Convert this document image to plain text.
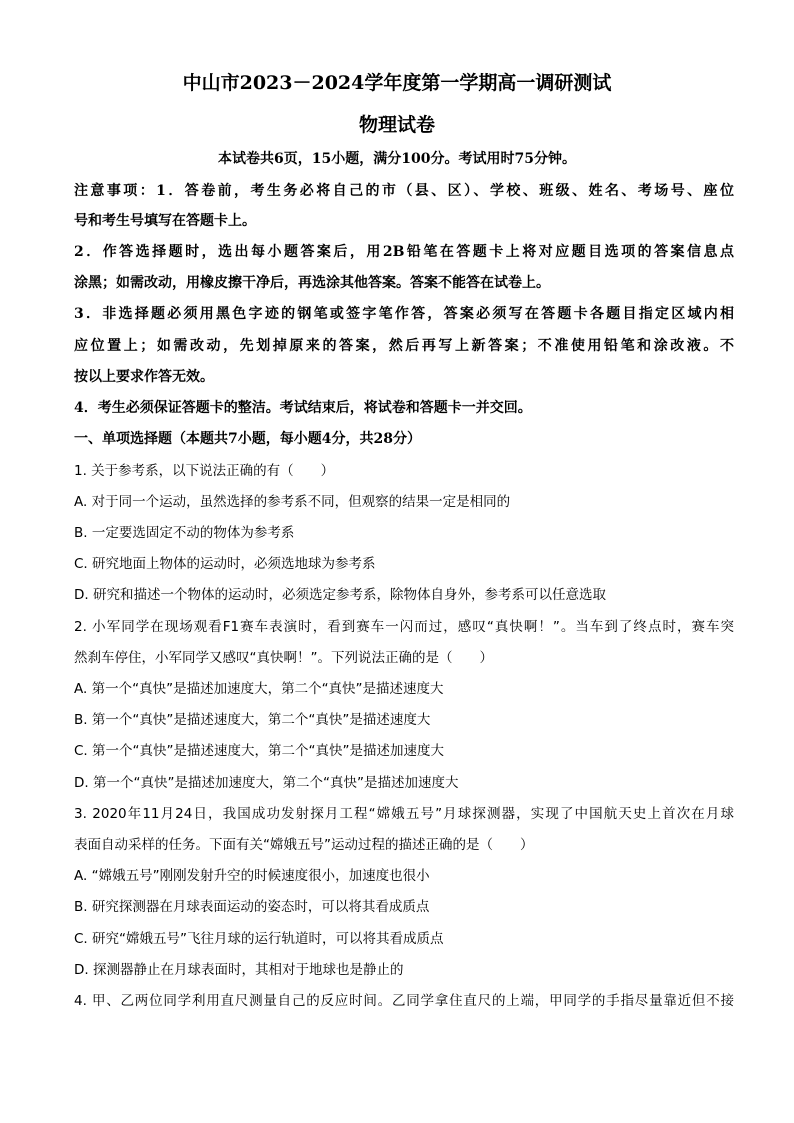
中山市2023－2024学年度第一学期高一调研测试
物理试卷
本试卷共6页，15小题，满分100分。考试用时75分钟。
注意事项：1．答卷前，考生务必将自己的市（县、区）、学校、班级、姓名、考场号、座位
号和考生号填写在答题卡上。
2．作答选择题时，选出每小题答案后，用2B铅笔在答题卡上将对应题目选项的答案信息点
涂黑；如需改动，用橡皮擦干净后，再选涂其他答案。答案不能答在试卷上。
3．非选择题必须用黑色字迹的钢笔或签字笔作答，答案必须写在答题卡各题目指定区域内相
应位置上；如需改动，先划掉原来的答案，然后再写上新答案；不准使用铅笔和涂改液。不
按以上要求作答无效。
4．考生必须保证答题卡的整洁。考试结束后，将试卷和答题卡一并交回。
一、单项选择题（本题共7小题，每小题4分，共28分）
1. 关于参考系，以下说法正确的有（　　）
A. 对于同一个运动，虽然选择的参考系不同，但观察的结果一定是相同的
B. 一定要选固定不动的物体为参考系
C. 研究地面上物体的运动时，必须选地球为参考系
D. 研究和描述一个物体的运动时，必须选定参考系，除物体自身外，参考系可以任意选取
2. 小军同学在现场观看F1赛车表演时，看到赛车一闪而过，感叹“真快啊！”。当车到了终点时，赛车突
然刹车停住，小军同学又感叹“真快啊！”。下列说法正确的是（　　）
A. 第一个“真快”是描述加速度大，第二个“真快”是描述速度大
B. 第一个“真快”是描述速度大，第二个“真快”是描述速度大
C. 第一个“真快”是描述速度大，第二个“真快”是描述加速度大
D. 第一个“真快”是描述加速度大，第二个“真快”是描述加速度大
3. 2020年11月24日，我国成功发射探月工程“嫦娥五号”月球探测器，实现了中国航天史上首次在月球
表面自动采样的任务。下面有关“嫦娥五号”运动过程的描述正确的是（　　）
A. “嫦娥五号”刚刚发射升空的时候速度很小，加速度也很小
B. 研究探测器在月球表面运动的姿态时，可以将其看成质点
C. 研究“嫦娥五号”飞往月球的运行轨道时，可以将其看成质点
D. 探测器静止在月球表面时，其相对于地球也是静止的
4. 甲、乙两位同学利用直尺测量自己的反应时间。乙同学拿住直尺的上端，甲同学的手指尽量靠近但不接
